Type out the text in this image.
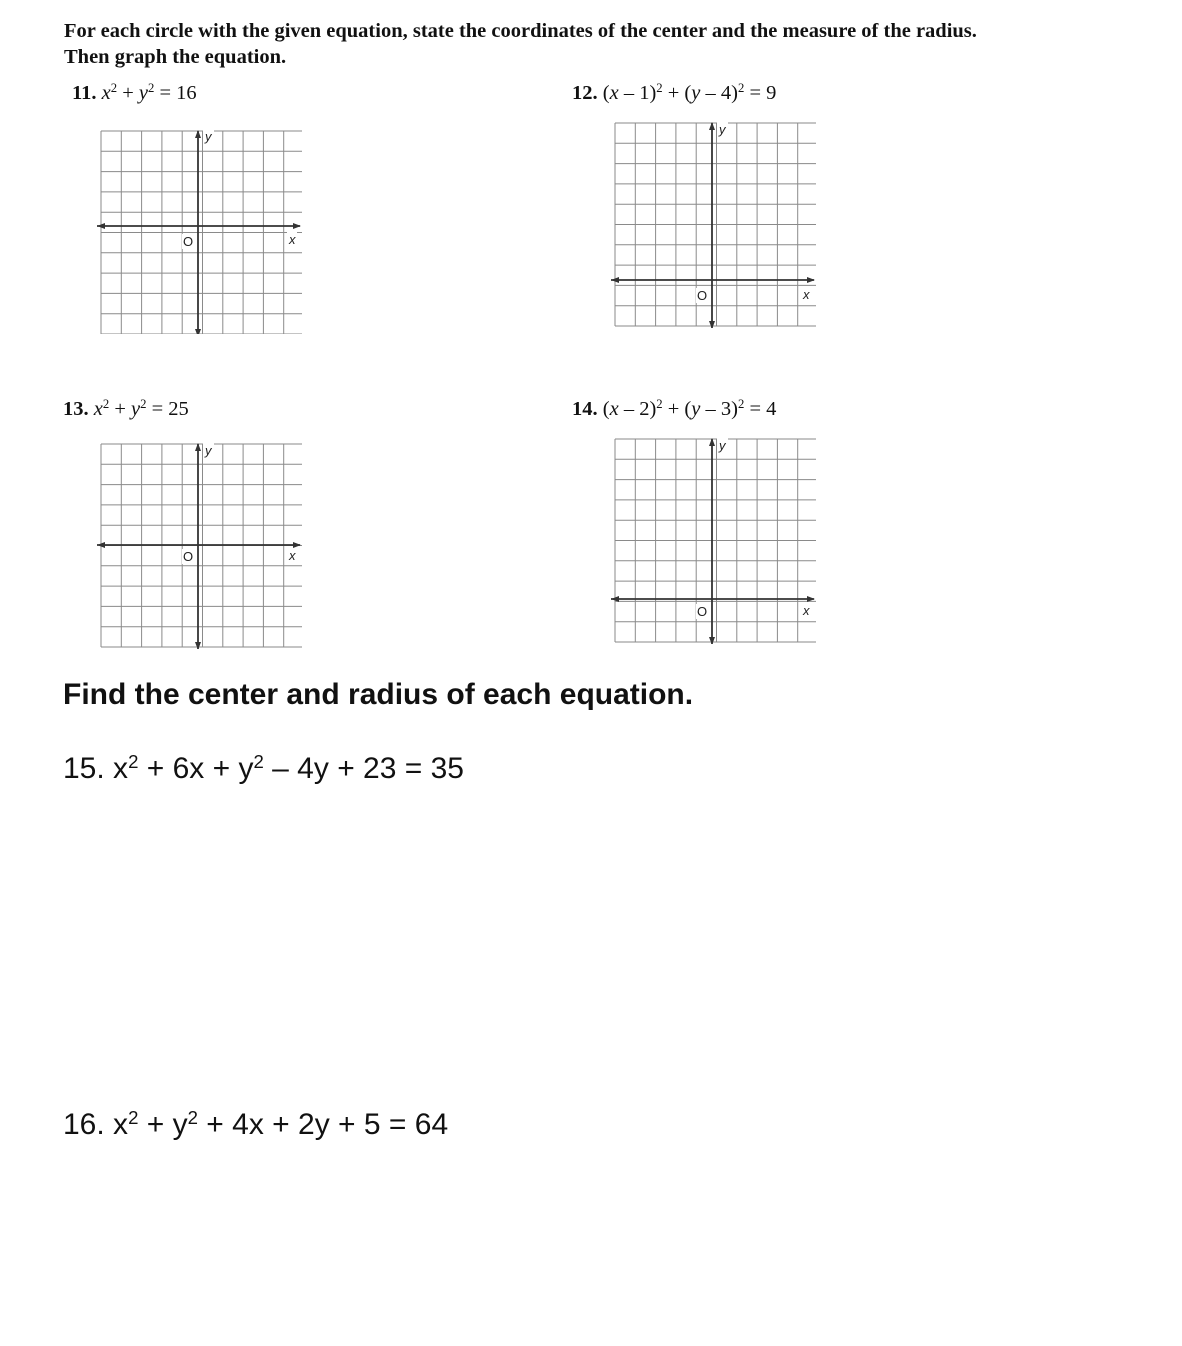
For each circle with the given equation, state the coordinates of the center and the measure of the radius.
Then graph the equation.
11. $x^2 + y^2 = 16$
y
x
O
12. (x – 1)$^2$ + (y – 4)$^2$ = 9
y
x
O
13. $x^2 + y^2 = 25$
y
x
O
14. (x – 2)$^2$ + (y – 3)$^2$ = 4
y
x
O
Find the center and radius of each equation.
15. $x^2 + 6x + y^2 - 4y + 23 = 35$
16. $x^2 + y^2 + 4x + 2y + 5 = 64$
